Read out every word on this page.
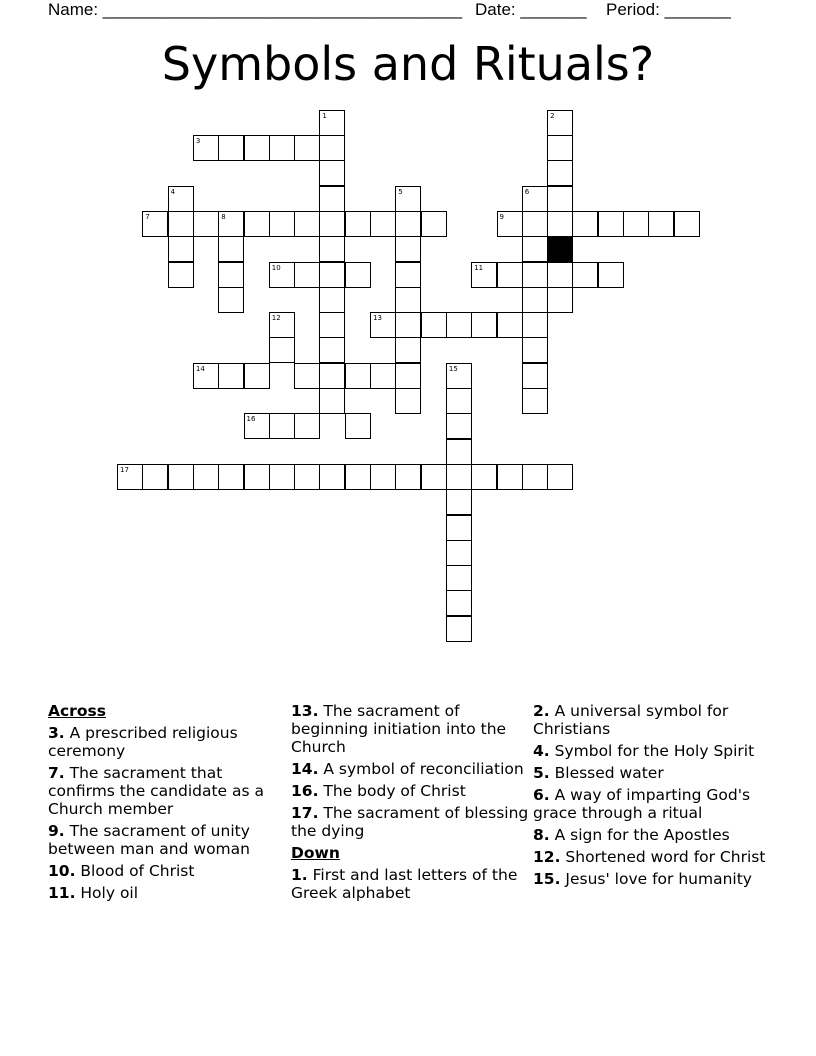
Name: ______________________________________ Date: _______ Period: _______
Symbols and Rituals?
1	2
3
4	5	6
7	8	9
10	11
12	13
14	15
16
17
Across
3. A prescribed religious ceremony
7. The sacrament that confirms the candidate as a Church member
9. The sacrament of unity between man and woman
10. Blood of Christ
11. Holy oil
13. The sacrament of beginning initiation into the Church
14. A symbol of reconciliation
16. The body of Christ
17. The sacrament of blessing the dying
Down
1. First and last letters of the Greek alphabet
2. A universal symbol for Christians
4. Symbol for the Holy Spirit
5. Blessed water
6. A way of imparting God's grace through a ritual
8. A sign for the Apostles
12. Shortened word for Christ
15. Jesus' love for humanity
